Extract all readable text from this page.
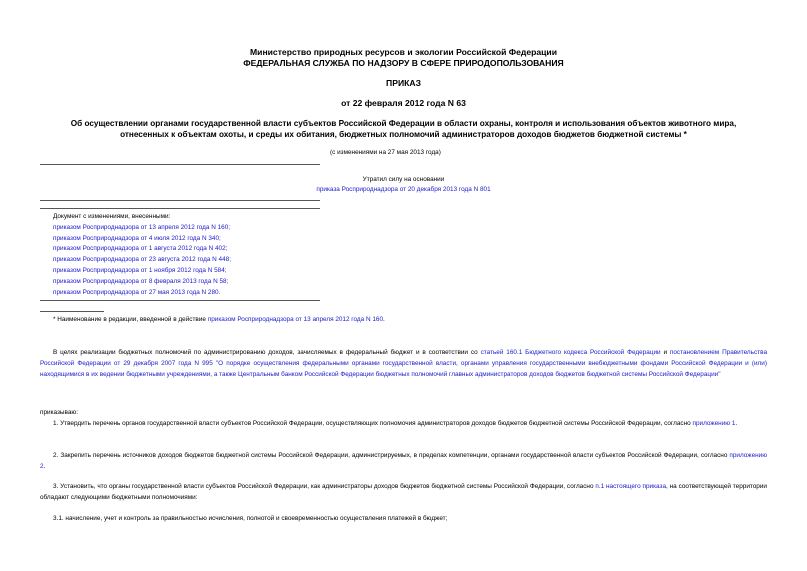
Министерство природных ресурсов и экологии Российской Федерации
ФЕДЕРАЛЬНАЯ СЛУЖБА ПО НАДЗОРУ В СФЕРЕ ПРИРОДОПОЛЬЗОВАНИЯ
ПРИКАЗ
от 22 февраля 2012 года N 63
Об осуществлении органами государственной власти субъектов Российской Федерации в области охраны, контроля и использования объектов животного мира,
отнесенных к объектам охоты, и среды их обитания, бюджетных полномочий администраторов доходов бюджетов бюджетной системы *
(с изменениями на 27 мая 2013 года)
Утратил силу на основании
приказа Росприроднадзора от 20 декабря 2013 года N 801
Документ с изменениями, внесенными:
приказом Росприроднадзора от 13 апреля 2012 года N 160;
приказом Росприроднадзора от 4 июля 2012 года N 340;
приказом Росприроднадзора от 1 августа 2012 года N 402;
приказом Росприроднадзора от 23 августа 2012 года N 448;
приказом Росприроднадзора от 1 ноября 2012 года N 584;
приказом Росприроднадзора от 8 февраля 2013 года N 58;
приказом Росприроднадзора от 27 мая 2013 года N 280.
* Наименование в редакции, введенной в действие приказом Росприроднадзора от 13 апреля 2012 года N 160.
В целях реализации бюджетных полномочий по администрированию доходов, зачисляемых в федеральный бюджет и в соответствии со статьей 160.1 Бюджетного кодекса Российской Федерации и постановлением Правительства Российской Федерации от 29 декабря 2007 года N 995 "О порядке осуществления федеральными органами государственной власти, органами управления государственными внебюджетными фондами Российской Федерации и (или) находящимися в их ведении бюджетными учреждениями, а также Центральным банком Российской Федерации бюджетных полномочий главных администраторов доходов бюджетов бюджетной системы Российской Федерации"
приказываю:
1. Утвердить перечень органов государственной власти субъектов Российской Федерации, осуществляющих полномочия администраторов доходов бюджетов бюджетной системы Российской Федерации, согласно приложению 1.
2. Закрепить перечень источников доходов бюджетов бюджетной системы Российской Федерации, администрируемых, в пределах компетенции, органами государственной власти субъектов Российской Федерации, согласно приложению 2.
3. Установить, что органы государственной власти субъектов Российской Федерации, как администраторы доходов бюджетов бюджетной системы Российской Федерации, согласно п.1 настоящего приказа, на соответствующей территории обладают следующими бюджетными полномочиями:
3.1. начисление, учет и контроль за правильностью исчисления, полнотой и своевременностью осуществления платежей в бюджет;
